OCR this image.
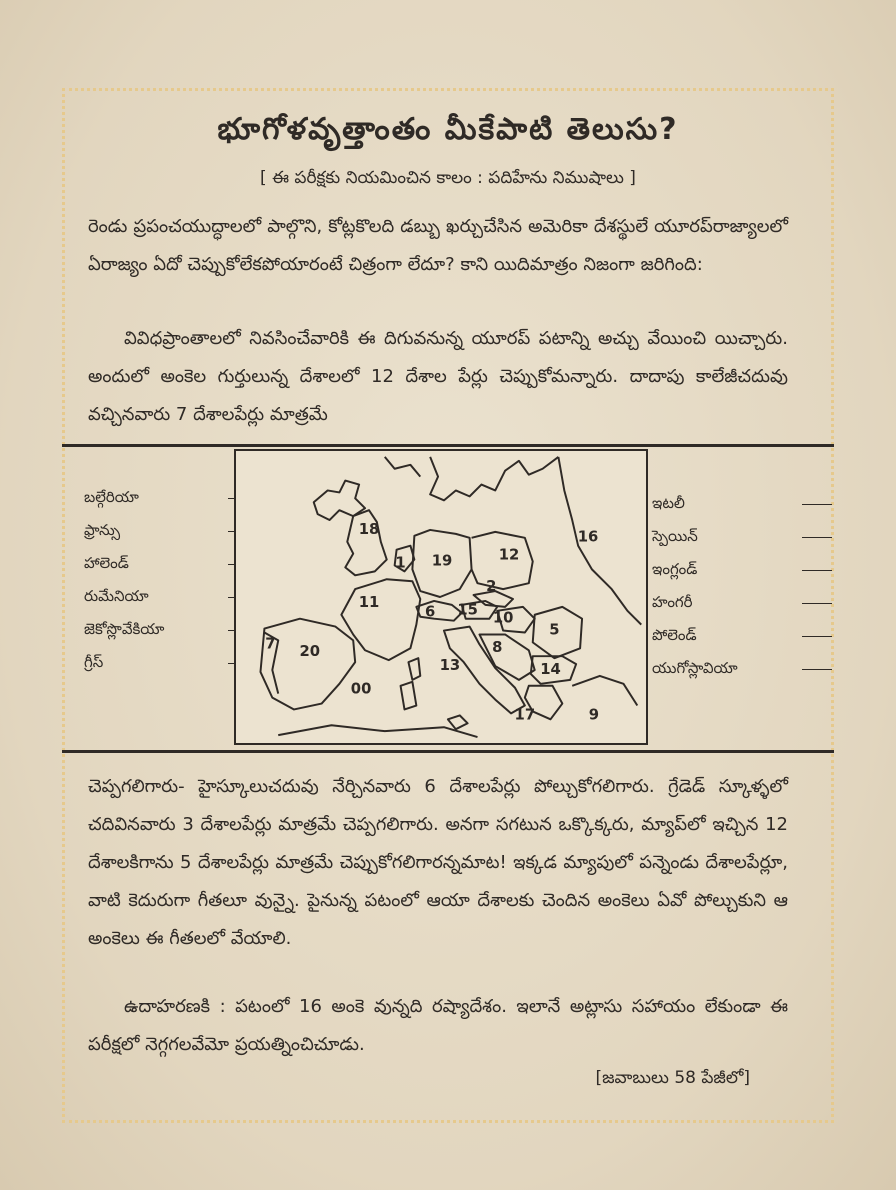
భూగోళవృత్తాంతం మీకేపాటి తెలుసు?
[ ఈ పరీక్షకు నియమించిన కాలం : పదిహేను నిముషాలు ]
రెండు ప్రపంచయుద్ధాలలో పాల్గొని, కోట్లకొలది డబ్బు ఖర్చుచేసిన అమెరికా దేశస్థులే యూరప్‌రాజ్యాలలో ఏరాజ్యం ఏదో చెప్పుకోలేకపోయారంటే చిత్రంగా లేదూ? కాని యిదిమాత్రం నిజంగా జరిగింది:
వివిధప్రాంతాలలో నివసించేవారికి ఈ దిగువనున్న యూరప్ పటాన్ని అచ్చు వేయించి యిచ్చారు. అందులో అంకెల గుర్తులున్న దేశాలలో 12 దేశాల పేర్లు చెప్పుకోమన్నారు. దాదాపు కాలేజీచదువు వచ్చినవారు 7 దేశాలపేర్లు మాత్రమే
బల్గేరియా
ఫ్రాన్సు
హాలెండ్
రుమేనియా
జెకోస్లొవేకియా
గ్రీస్
18	16
1 19	12
2
11
6 15 10
5
7 20	8
13	14
00
17	9
ఇటలీ
స్పెయిన్
ఇంగ్లండ్
హంగరీ
పోలెండ్
యుగోస్లావియా
చెప్పగలిగారు- హైస్కూలుచదువు నేర్చినవారు 6 దేశాలపేర్లు పోల్చుకోగలిగారు. గ్రేడెడ్ స్కూళ్ళలో చదివినవారు 3 దేశాలపేర్లు మాత్రమే చెప్పగలిగారు. అనగా సగటున ఒక్కొక్కరు, మ్యాప్‌లో ఇచ్చిన 12 దేశాలకిగాను 5 దేశాలపేర్లు మాత్రమే చెప్పుకోగలిగారన్నమాట! ఇక్కడ మ్యాపులో పన్నెండు దేశాలపేర్లూ, వాటి కెదురుగా గీతలూ వున్నై. పైనున్న పటంలో ఆయా దేశాలకు చెందిన అంకెలు ఏవో పోల్చుకుని ఆ అంకెలు ఈ గీతలలో వేయాలి.
ఉదాహరణకి : పటంలో 16 అంకె వున్నది రష్యాదేశం. ఇలానే అట్లాసు సహాయం లేకుండా ఈ పరీక్షలో నెగ్గగలవేమో ప్రయత్నించిచూడు.
[జవాబులు 58 పేజీలో]
